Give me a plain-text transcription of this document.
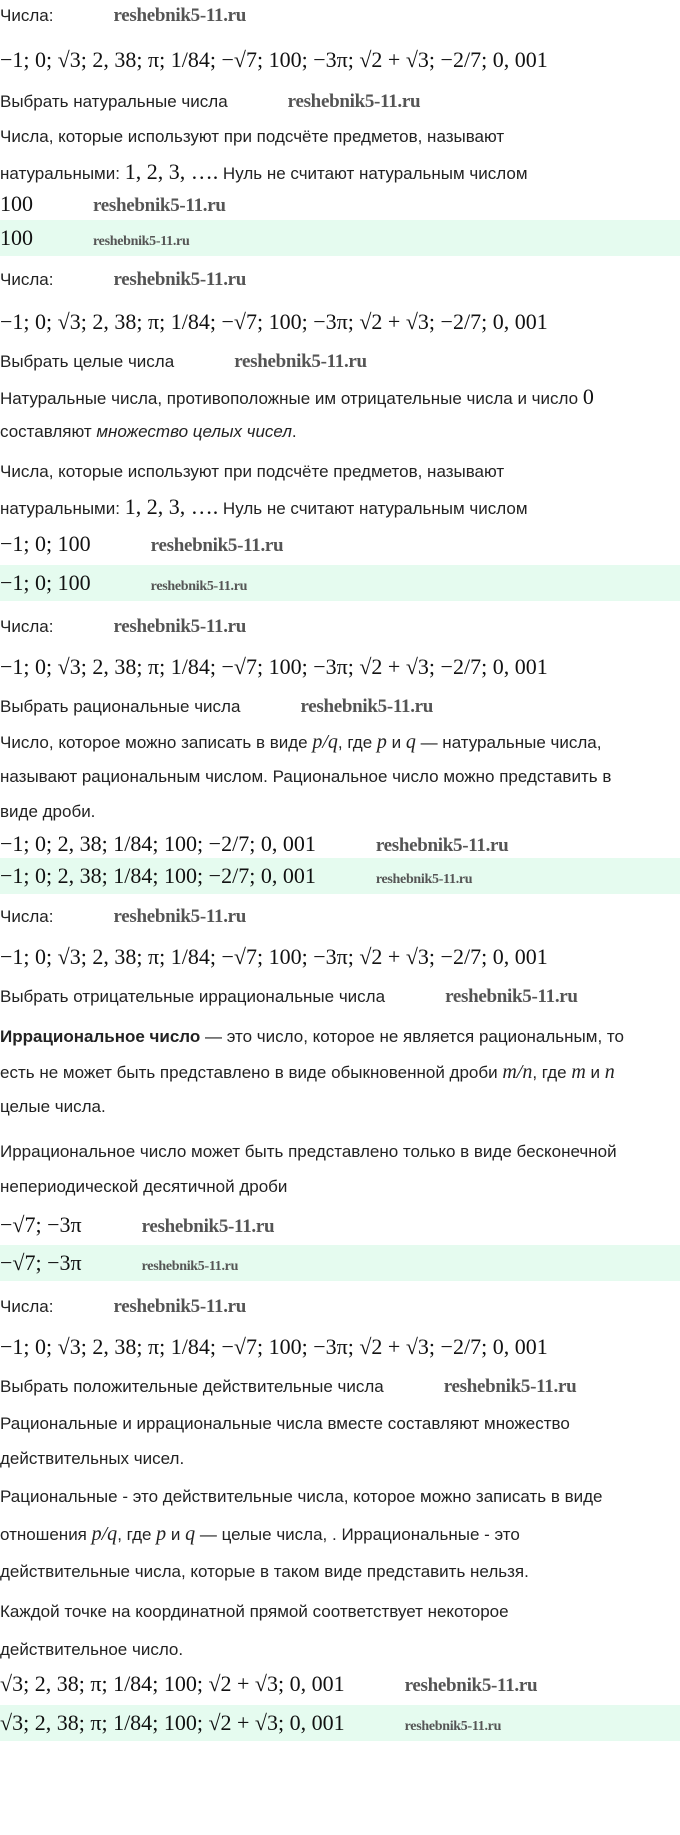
Числа:	reshebnik5-11.ru
−1; 0; √3; 2, 38; π; 1/84; −√7; 100; −3π; √2 + √3; −2/7; 0, 001
Выбрать натуральные числа	reshebnik5-11.ru
Числа, которые используют при подсчёте предметов, называют
натуральными: 1, 2, 3, …. Нуль не считают натуральным числом
100	reshebnik5-11.ru
100	reshebnik5-11.ru
Числа:	reshebnik5-11.ru
−1; 0; √3; 2, 38; π; 1/84; −√7; 100; −3π; √2 + √3; −2/7; 0, 001
Выбрать целые числа	reshebnik5-11.ru
Натуральные числа, противоположные им отрицательные числа и число 0
составляют множество целых чисел.
Числа, которые используют при подсчёте предметов, называют
натуральными: 1, 2, 3, …. Нуль не считают натуральным числом
−1; 0; 100	reshebnik5-11.ru
−1; 0; 100	reshebnik5-11.ru
Числа:	reshebnik5-11.ru
−1; 0; √3; 2, 38; π; 1/84; −√7; 100; −3π; √2 + √3; −2/7; 0, 001
Выбрать рациональные числа	reshebnik5-11.ru
Число, которое можно записать в виде p/q, где p и q — натуральные числа,
называют рациональным числом. Рациональное число можно представить в
виде дроби.
−1; 0; 2, 38; 1/84; 100; −2/7; 0, 001	reshebnik5-11.ru
−1; 0; 2, 38; 1/84; 100; −2/7; 0, 001	reshebnik5-11.ru
Числа:	reshebnik5-11.ru
−1; 0; √3; 2, 38; π; 1/84; −√7; 100; −3π; √2 + √3; −2/7; 0, 001
Выбрать отрицательные иррациональные числа	reshebnik5-11.ru
Иррациональное число — это число, которое не является рациональным, то
есть не может быть представлено в виде обыкновенной дроби m/n, где m и n
целые числа.
Иррациональное число может быть представлено только в виде бесконечной
непериодической десятичной дроби
−√7; −3π	reshebnik5-11.ru
−√7; −3π	reshebnik5-11.ru
Числа:	reshebnik5-11.ru
−1; 0; √3; 2, 38; π; 1/84; −√7; 100; −3π; √2 + √3; −2/7; 0, 001
Выбрать положительные действительные числа	reshebnik5-11.ru
Рациональные и иррациональные числа вместе составляют множество
действительных чисел.
Рациональные - это действительные числа, которое можно записать в виде
отношения p/q, где p и q — целые числа, . Иррациональные - это
действительные числа, которые в таком виде представить нельзя.
Каждой точке на координатной прямой соответствует некоторое
действительное число.
√3; 2, 38; π; 1/84; 100; √2 + √3; 0, 001	reshebnik5-11.ru
√3; 2, 38; π; 1/84; 100; √2 + √3; 0, 001	reshebnik5-11.ru
